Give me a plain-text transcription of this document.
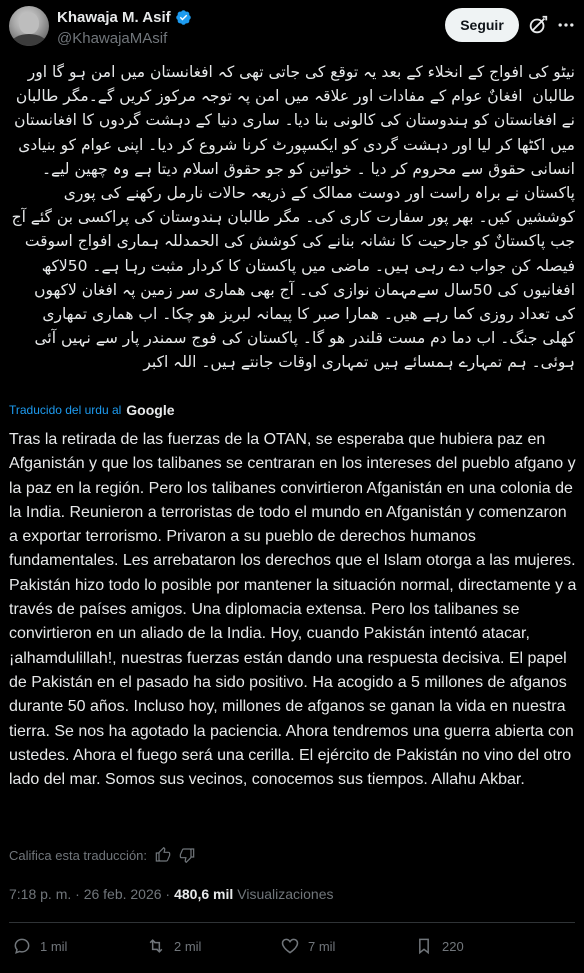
Khawaja M. Asif
@KhawajaMAsif
Seguir

نیٹو کی افواج کے انخلاء کے بعد یہ توقع کی جاتی تھی کہ افغانستان میں امن ہو گا اور طالبان  افغانٌ عوام کے مفادات اور علاقہ میں امن پہ توجہ مرکوز کریں گے۔مگر طالبان نے افغانستان کو ہندوستان کی کالونی بنا دیا۔ ساری دنیا کے دہشت گردوں کا افغانستان میں اکٹھا کر لیا اور دہشت گردی کو ایکسپورٹ کرنا شروع کر دیا۔ اپنی عوام کو بنیادی انسانی حقوق سے محروم کر دیا ۔ خواتین کو جو حقوق اسلام دیتا ہے وہ چھین لیے۔
پاکستان نے براہ راست اور دوست ممالک کے ذریعہ حالات نارمل رکھنے کی پوری کوششیں کیں۔ بھر پور سفارت کاری کی۔ مگر طالبان ہندوستان کی پراکسی بن گئے آج جب پاکستانٌ کو جارحیت کا نشانہ بنانے کی کوشش کی الحمدللہ ہماری افواج اسوقت فیصلہ کن جواب دے رہی ہیں۔ ماضی میں پاکستان کا کردار مثبت رہا ہے۔ 50لاکھ افغانیوں کی 50سال سےمہمان نوازی کی۔ آج بھی ھماری سر زمین پہ افغان لاکھوں کی تعداد روزی کما رہے ھیں۔ ھمارا صبر کا پیمانہ لبریز ھو چکا۔ اب ھماری تمھاری کھلی جنگ۔ اب دما دم مست قلندر ھو گا۔ پاکستان کی فوج سمندر پار سے نہیں آئی ہوئی۔ ہم تمہارے ہمسائے ہیں تمہاری اوقات جانتے ہیں۔ اللہ اکبر

Traducido del urdu al Google

Tras la retirada de las fuerzas de la OTAN, se esperaba que hubiera paz en Afganistán y que los talibanes se centraran en los intereses del pueblo afgano y la paz en la región. Pero los talibanes convirtieron Afganistán en una colonia de la India. Reunieron a terroristas de todo el mundo en Afganistán y comenzaron a exportar terrorismo. Privaron a su pueblo de derechos humanos fundamentales. Les arrebataron los derechos que el Islam otorga a las mujeres.
Pakistán hizo todo lo posible por mantener la situación normal, directamente y a través de países amigos. Una diplomacia extensa. Pero los talibanes se convirtieron en un aliado de la India. Hoy, cuando Pakistán intentó atacar, ¡alhamdulillah!, nuestras fuerzas están dando una respuesta decisiva. El papel de Pakistán en el pasado ha sido positivo. Ha acogido a 5 millones de afganos durante 50 años. Incluso hoy, millones de afganos se ganan la vida en nuestra tierra. Se nos ha agotado la paciencia. Ahora tendremos una guerra abierta con ustedes. Ahora el fuego será una cerilla. El ejército de Pakistán no vino del otro lado del mar. Somos sus vecinos, conocemos sus tiempos. Allahu Akbar.

Califica esta traducción:
7:18 p. m. · 26 feb. 2026 · 480,6 mil Visualizaciones
1 mil	2 mil	7 mil	220
